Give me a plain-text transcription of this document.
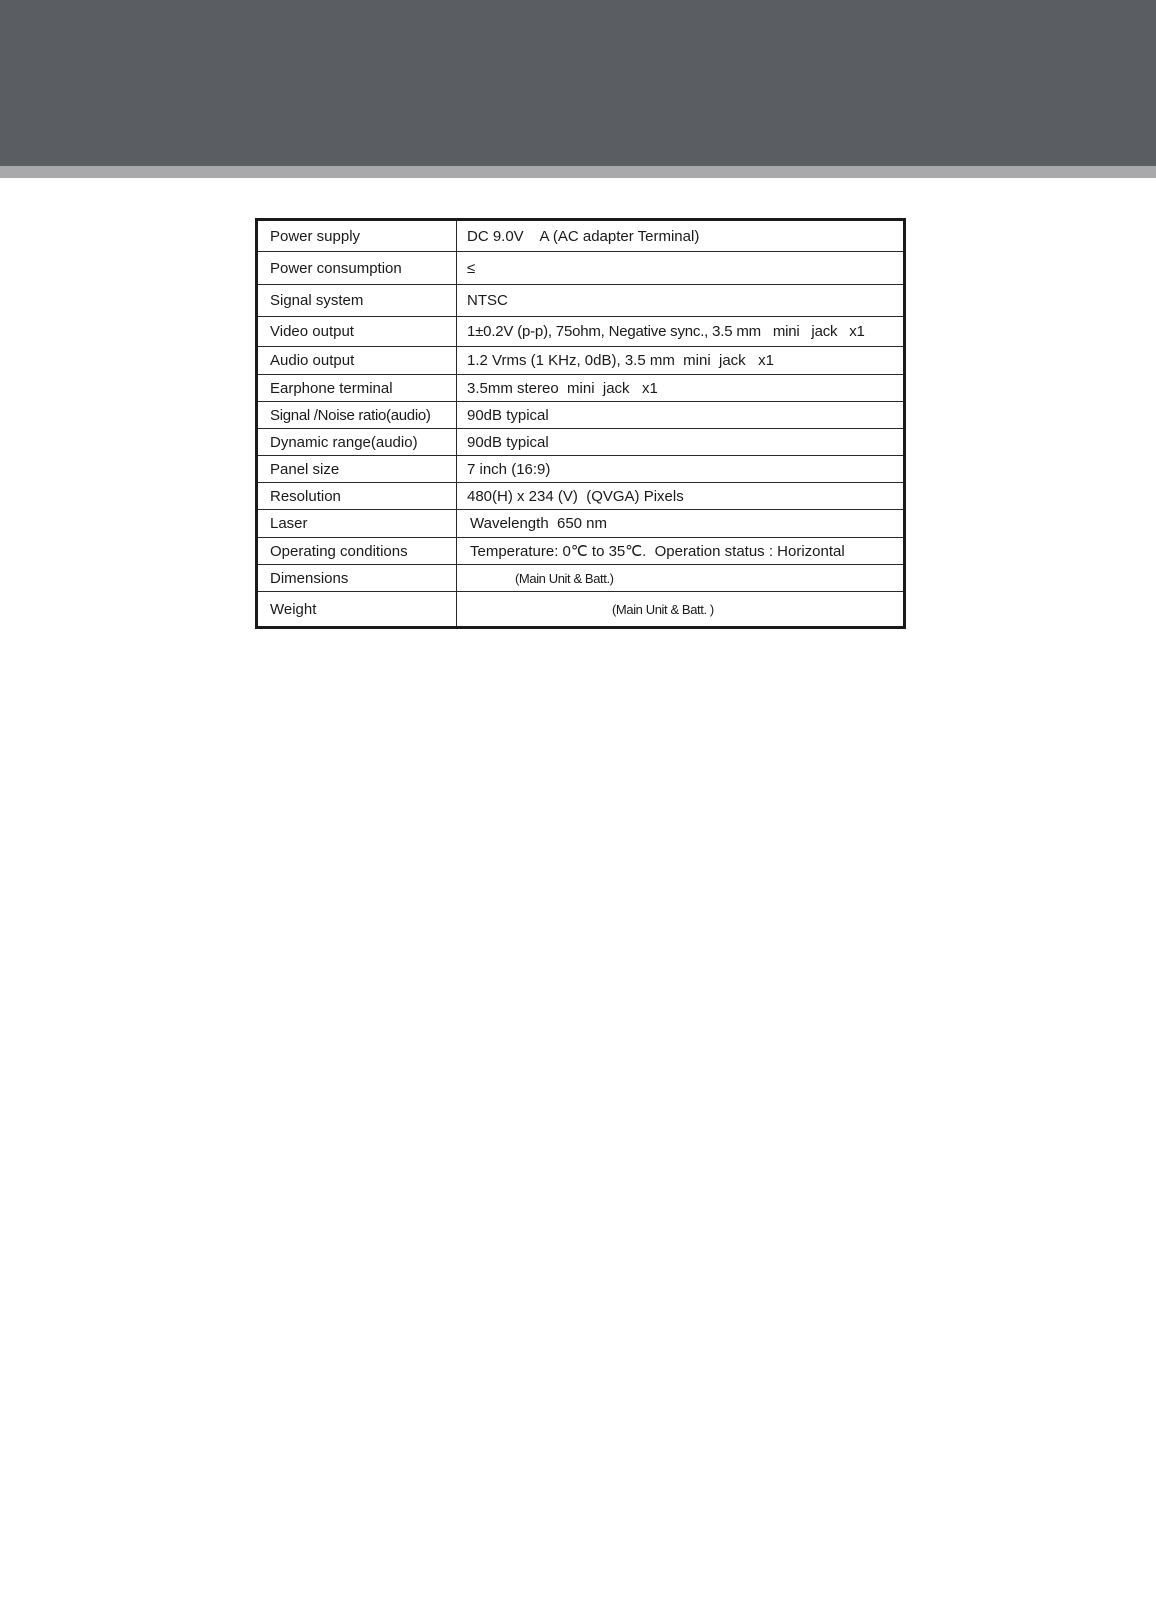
Power supply	DC 9.0V    A (AC adapter Terminal)
Power consumption	≤
Signal system	NTSC
Video output	1±0.2V (p-p), 75ohm, Negative sync., 3.5 mm   mini   jack   x1
Audio output	1.2 Vrms (1 KHz, 0dB), 3.5 mm  mini  jack   x1
Earphone terminal	3.5mm stereo  mini  jack   x1
Signal /Noise ratio(audio)	90dB typical
Dynamic range(audio)	90dB typical
Panel size	7 inch (16:9)
Resolution	480(H) x 234 (V)  (QVGA) Pixels
Laser	Wavelength  650 nm
Operating conditions	Temperature: 0℃ to 35℃.  Operation status : Horizontal
Dimensions	(Main Unit & Batt.)
Weight	(Main Unit & Batt. )
